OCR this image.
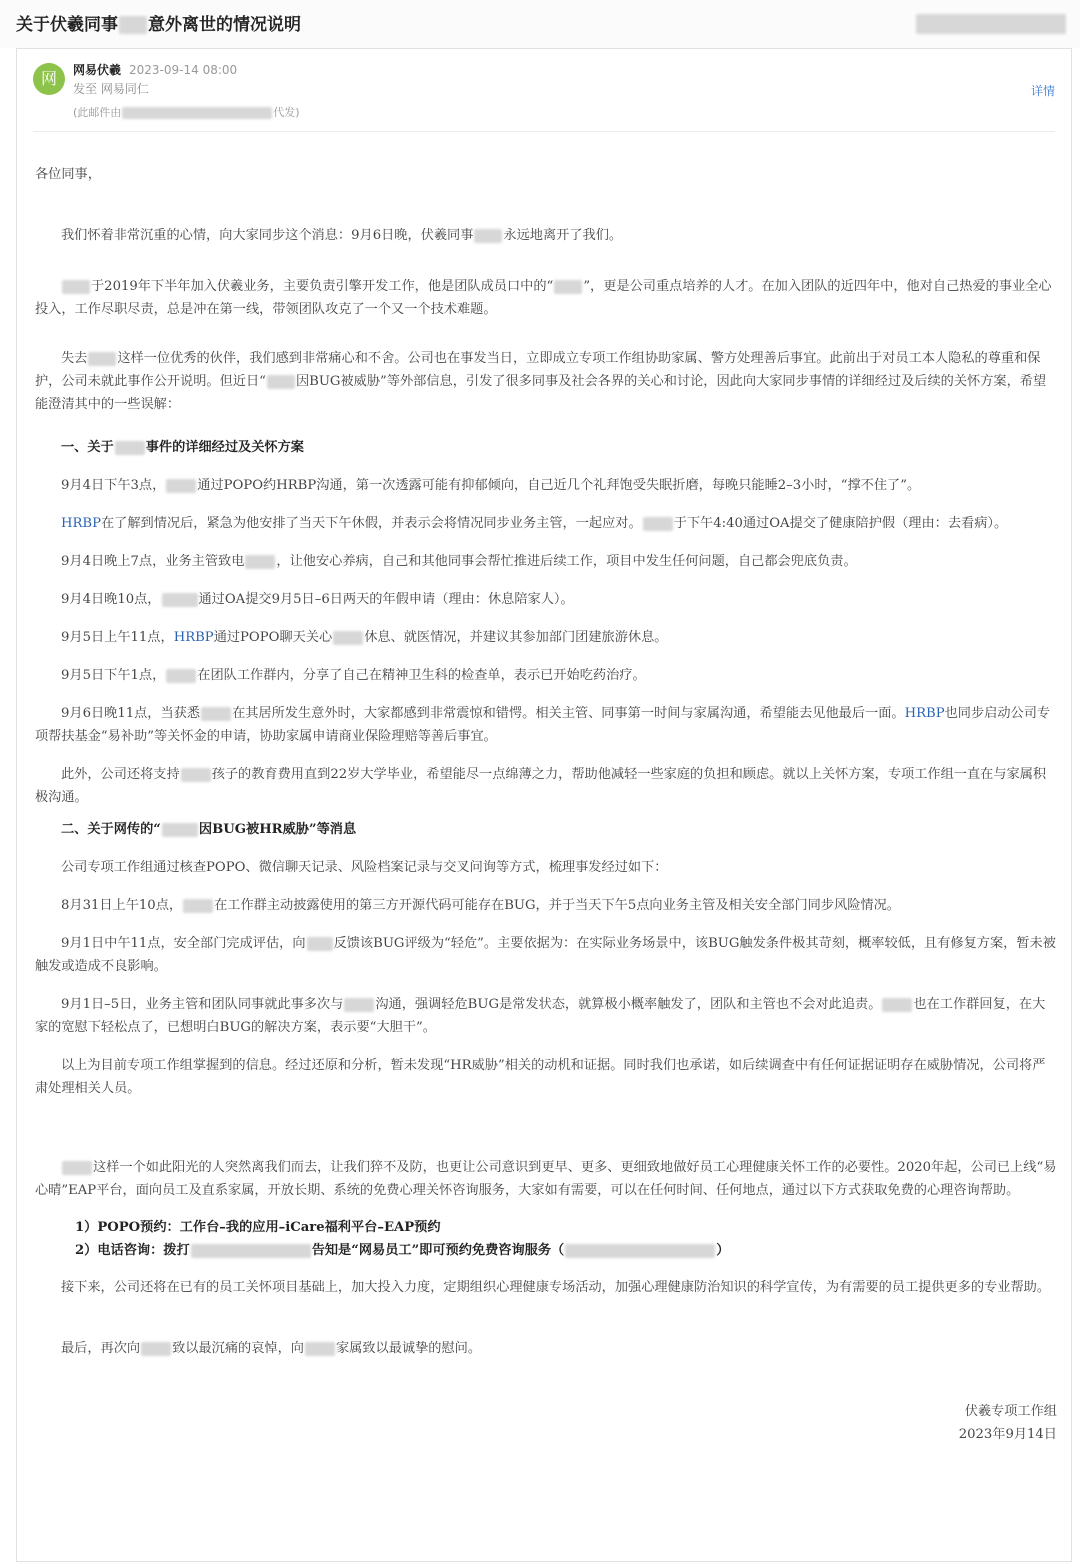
关于伏羲同事 意外离世的情况说明
网	网易伏羲 2023-09-14 08:00
发至 网易同仁
(此邮件由	代发)
详情

各位同事，

我们怀着非常沉重的心情，向大家同步这个消息：9月6日晚，伏羲同事 永远地离开了我们。

于2019年下半年加入伏羲业务，主要负责引擎开发工作，他是团队成员口中的“ ”，更是公司重点培养的人才。在加入团队的近四年中，他对自己热爱的事业全心投入，工作尽职尽责，总是冲在第一线，带领团队攻克了一个又一个技术难题。

失去 这样一位优秀的伙伴，我们感到非常痛心和不舍。公司也在事发当日，立即成立专项工作组协助家属、警方处理善后事宜。此前出于对员工本人隐私的尊重和保护，公司未就此事作公开说明。但近日“ 因BUG被威胁”等外部信息，引发了很多同事及社会各界的关心和讨论，因此向大家同步事情的详细经过及后续的关怀方案，希望能澄清其中的一些误解：

一、关于 事件的详细经过及关怀方案

9月4日下午3点， 通过POPO约HRBP沟通，第一次透露可能有抑郁倾向，自己近几个礼拜饱受失眠折磨，每晚只能睡2–3小时，“撑不住了”。

HRBP在了解到情况后，紧急为他安排了当天下午休假，并表示会将情况同步业务主管，一起应对。 于下午4:40通过OA提交了健康陪护假（理由：去看病）。

9月4日晚上7点，业务主管致电 ，让他安心养病，自己和其他同事会帮忙推进后续工作，项目中发生任何问题，自己都会兜底负责。

9月4日晚10点，	通过OA提交9月5日–6日两天的年假申请（理由：休息陪家人）。

9月5日上午11点，HRBP通过POPO聊天关心 休息、就医情况，并建议其参加部门团建旅游休息。

9月5日下午1点， 在团队工作群内，分享了自己在精神卫生科的检查单，表示已开始吃药治疗。

9月6日晚11点，当获悉 在其居所发生意外时，大家都感到非常震惊和错愕。相关主管、同事第一时间与家属沟通，希望能去见他最后一面。HRBP也同步启动公司专项帮扶基金“易补助”等关怀金的申请，协助家属申请商业保险理赔等善后事宜。

此外，公司还将支持 孩子的教育费用直到22岁大学毕业，希望能尽一点绵薄之力，帮助他减轻一些家庭的负担和顾虑。就以上关怀方案，专项工作组一直在与家属积极沟通。

二、关于网传的“	因BUG被HR威胁”等消息

公司专项工作组通过核查POPO、微信聊天记录、风险档案记录与交叉问询等方式，梳理事发经过如下：

8月31日上午10点， 在工作群主动披露使用的第三方开源代码可能存在BUG，并于当天下午5点向业务主管及相关安全部门同步风险情况。

9月1日中午11点，安全部门完成评估，向 反馈该BUG评级为“轻危”。主要依据为：在实际业务场景中，该BUG触发条件极其苛刻，概率较低，且有修复方案，暂未被触发或造成不良影响。

9月1日–5日，业务主管和团队同事就此事多次与 沟通，强调轻危BUG是常发状态，就算极小概率触发了，团队和主管也不会对此追责。 也在工作群回复，在大家的宽慰下轻松点了，已想明白BUG的解决方案，表示要“大胆干”。

以上为目前专项工作组掌握到的信息。经过还原和分析，暂未发现“HR威胁”相关的动机和证据。同时我们也承诺，如后续调查中有任何证据证明存在威胁情况，公司将严肃处理相关人员。

这样一个如此阳光的人突然离我们而去，让我们猝不及防，也更让公司意识到更早、更多、更细致地做好员工心理健康关怀工作的必要性。2020年起，公司已上线“易心晴”EAP平台，面向员工及直系家属，开放长期、系统的免费心理关怀咨询服务，大家如有需要，可以在任何时间、任何地点，通过以下方式获取免费的心理咨询帮助。

1）POPO预约：工作台–我的应用–iCare福利平台–EAP预约

2）电话咨询：拨打	告知是“网易员工”即可预约免费咨询服务（	）

接下来，公司还将在已有的员工关怀项目基础上，加大投入力度，定期组织心理健康专场活动，加强心理健康防治知识的科学宣传，为有需要的员工提供更多的专业帮助。

最后，再次向 致以最沉痛的哀悼，向 家属致以最诚挚的慰问。

伏羲专项工作组

2023年9月14日
